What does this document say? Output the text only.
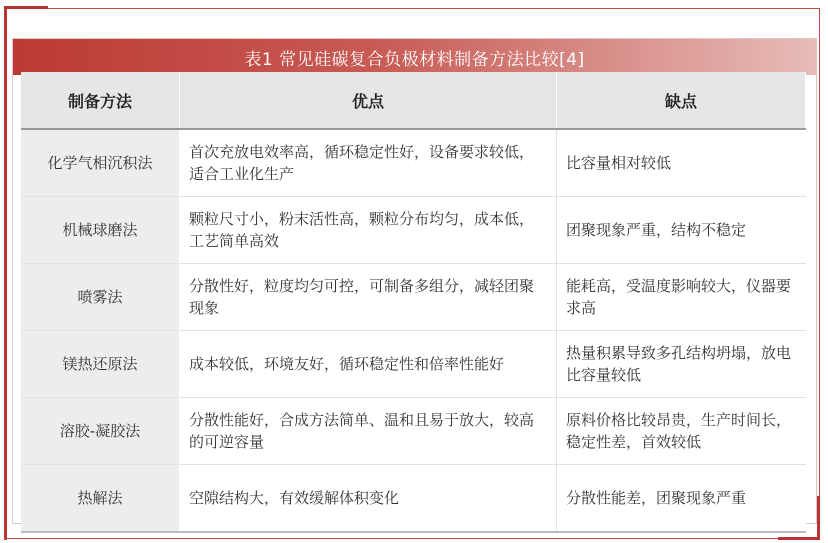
表1 常见硅碳复合负极材料制备方法比较[4]
制备方法	优点	缺点
化学气相沉积法	首次充放电效率高，循环稳定性好，设备要求较低，适合工业化生产	比容量相对较低
机械球磨法	颗粒尺寸小，粉末活性高，颗粒分布均匀，成本低，工艺简单高效	团聚现象严重，结构不稳定
喷雾法	分散性好，粒度均匀可控，可制备多组分，减轻团聚现象	能耗高，受温度影响较大，仪器要求高
镁热还原法	成本较低，环境友好，循环稳定性和倍率性能好	热量积累导致多孔结构坍塌，放电比容量较低
溶胶-凝胶法	分散性能好，合成方法简单、温和且易于放大，较高的可逆容量	原料价格比较昂贵，生产时间长，稳定性差，首效较低
热解法	空隙结构大，有效缓解体积变化	分散性能差，团聚现象严重
